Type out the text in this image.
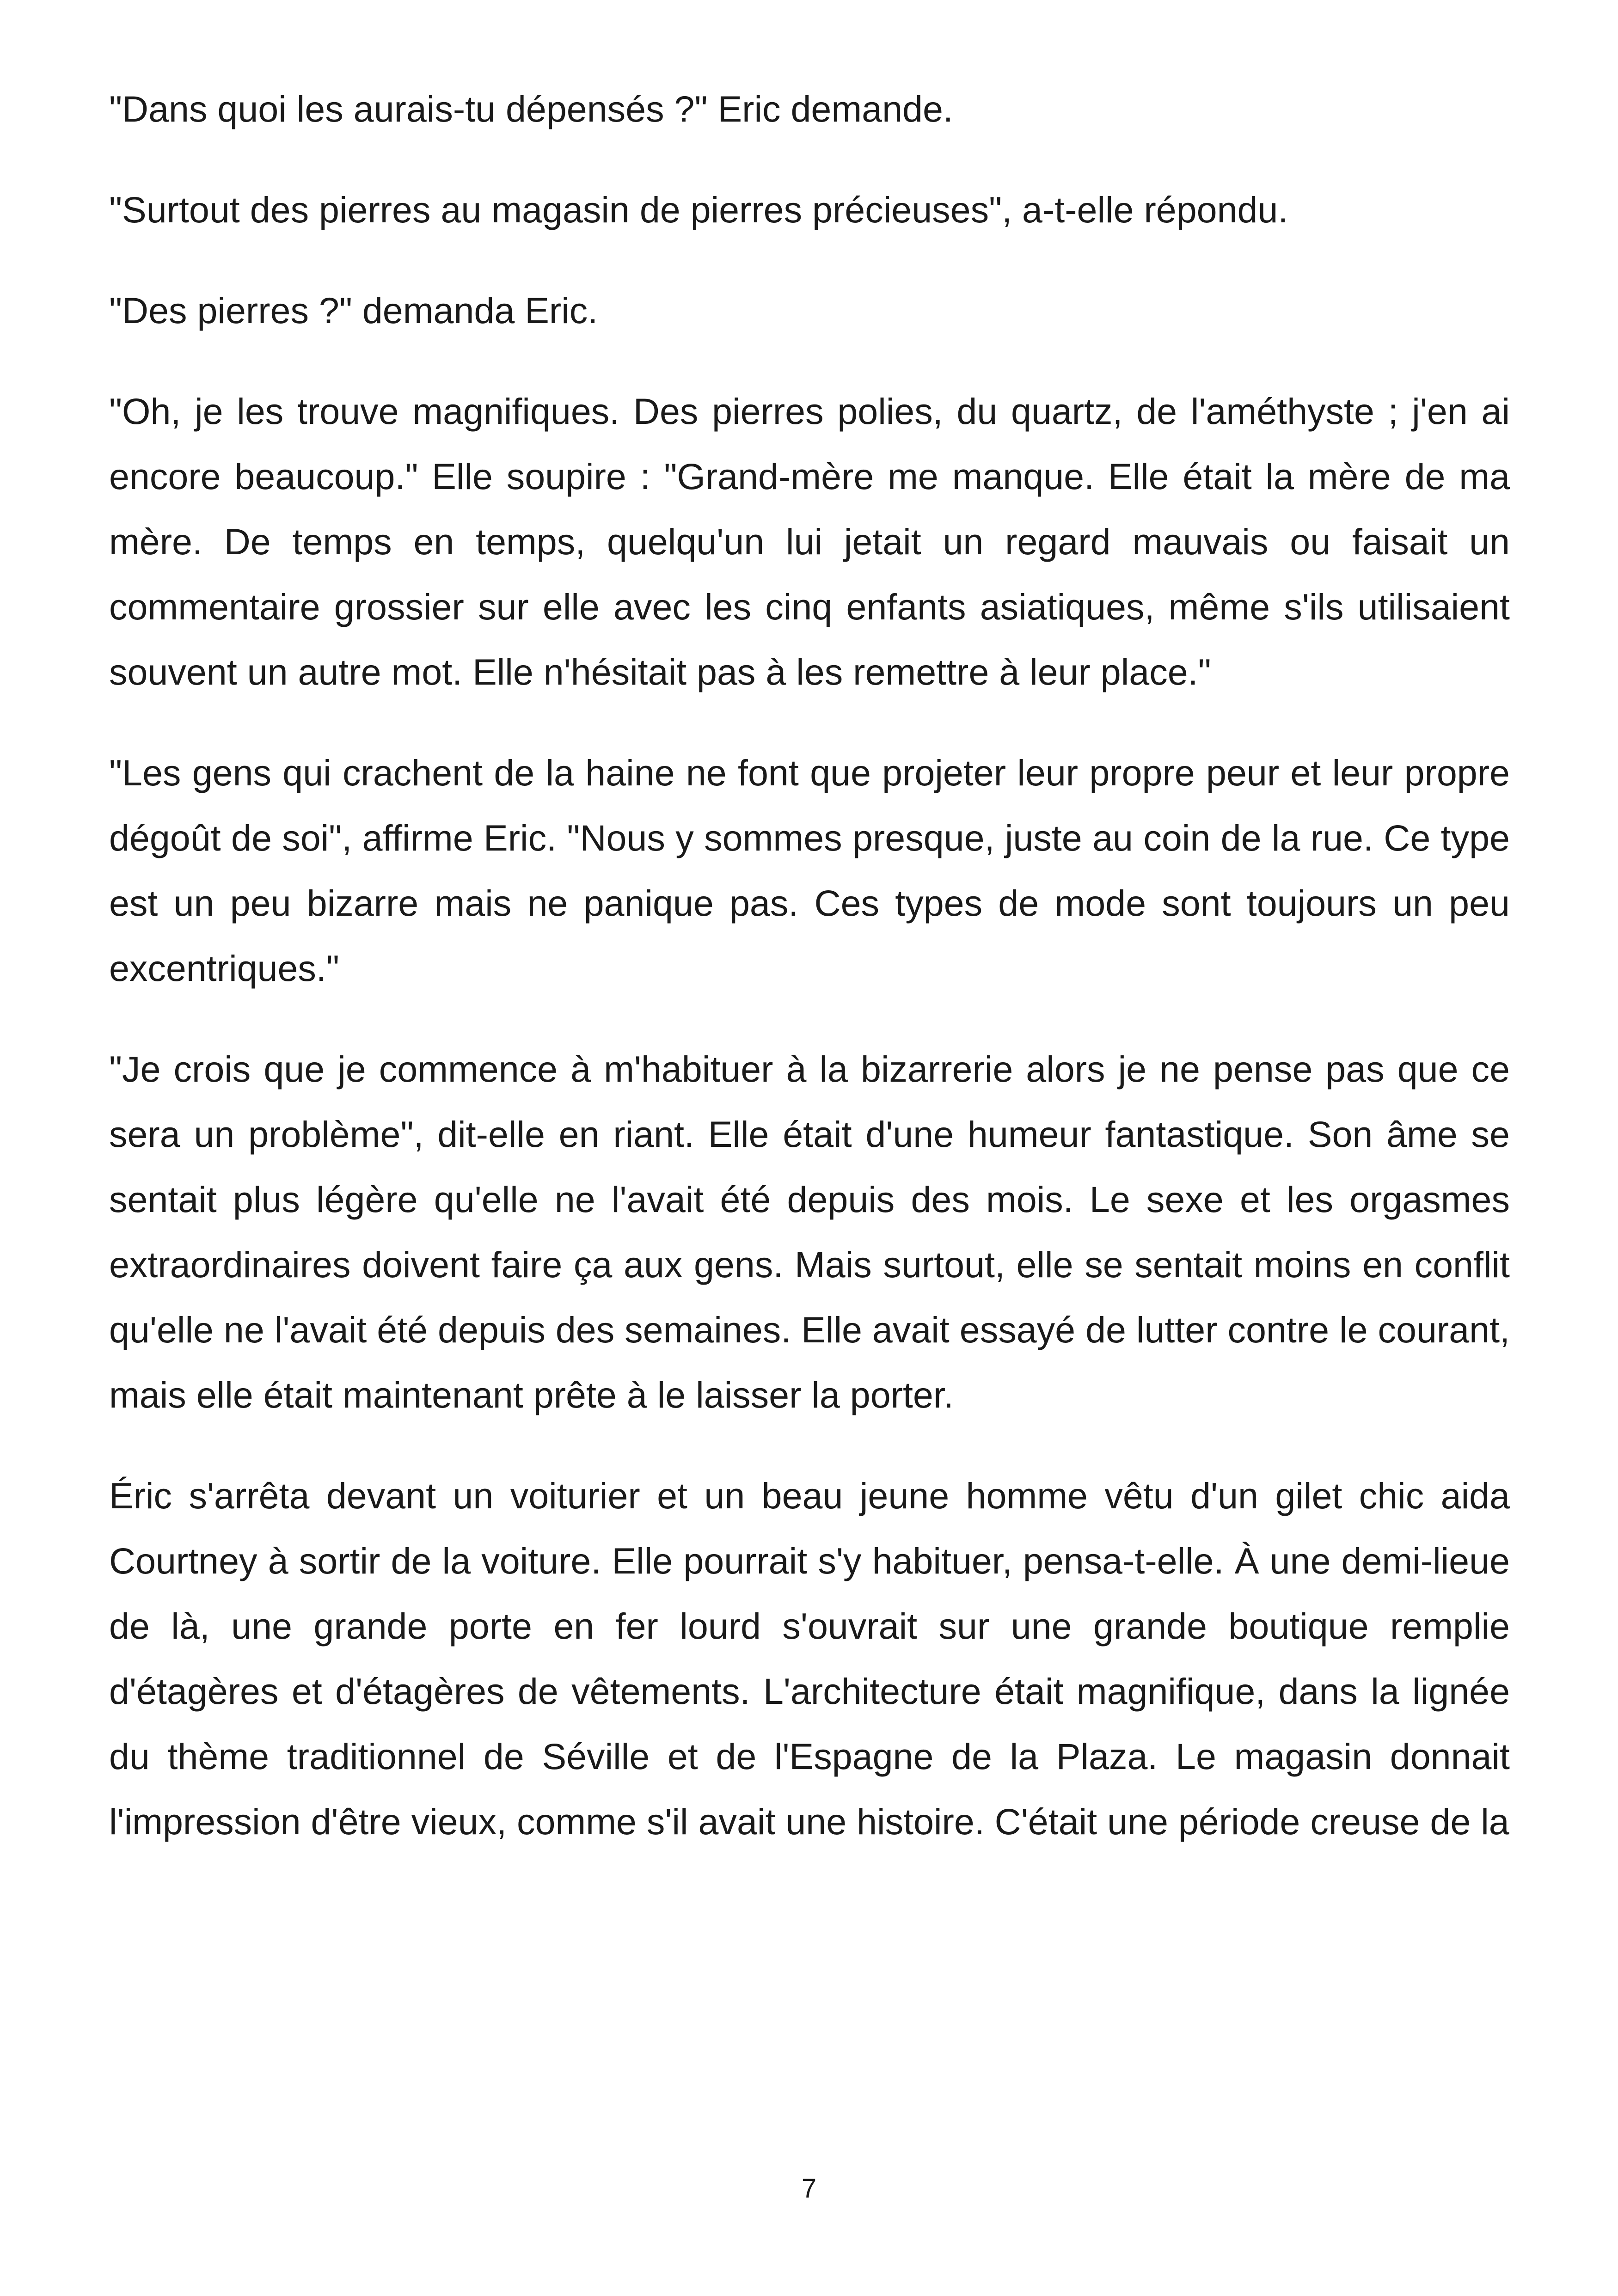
"Dans quoi les aurais-tu dépensés ?" Eric demande.

"Surtout des pierres au magasin de pierres précieuses", a-t-elle répondu.

"Des pierres ?" demanda Eric.

"Oh, je les trouve magnifiques. Des pierres polies, du quartz, de l'améthyste ; j'en ai encore beaucoup." Elle soupire : "Grand-mère me manque. Elle était la mère de ma mère. De temps en temps, quelqu'un lui jetait un regard mauvais ou faisait un commentaire grossier sur elle avec les cinq enfants asiatiques, même s'ils utilisaient souvent un autre mot. Elle n'hésitait pas à les remettre à leur place."

"Les gens qui crachent de la haine ne font que projeter leur propre peur et leur propre dégoût de soi", affirme Eric. "Nous y sommes presque, juste au coin de la rue. Ce type est un peu bizarre mais ne panique pas. Ces types de mode sont toujours un peu excentriques."

"Je crois que je commence à m'habituer à la bizarrerie alors je ne pense pas que ce sera un problème", dit-elle en riant. Elle était d'une humeur fantastique. Son âme se sentait plus légère qu'elle ne l'avait été depuis des mois. Le sexe et les orgasmes extraordinaires doivent faire ça aux gens. Mais surtout, elle se sentait moins en conflit qu'elle ne l'avait été depuis des semaines. Elle avait essayé de lutter contre le courant, mais elle était maintenant prête à le laisser la porter.

Éric s'arrêta devant un voiturier et un beau jeune homme vêtu d'un gilet chic aida Courtney à sortir de la voiture. Elle pourrait s'y habituer, pensa-t-elle. À une demi-lieue de là, une grande porte en fer lourd s'ouvrait sur une grande boutique remplie d'étagères et d'étagères de vêtements. L'architecture était magnifique, dans la lignée du thème traditionnel de Séville et de l'Espagne de la Plaza. Le magasin donnait l'impression d'être vieux, comme s'il avait une histoire. C'était une période creuse de la

7
